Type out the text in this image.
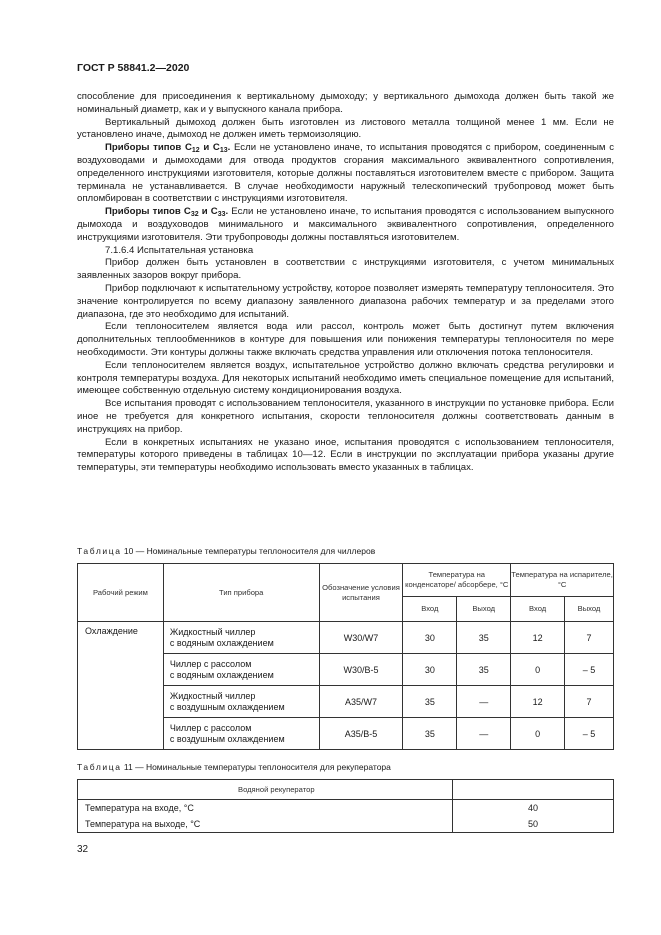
ГОСТ Р 58841.2—2020

способление для присоединения к вертикальному дымоходу; у вертикального дымохода должен быть такой же номинальный диаметр, как и у выпускного канала прибора.

Вертикальный дымоход должен быть изготовлен из листового металла толщиной менее 1 мм. Если не установлено иначе, дымоход не должен иметь термоизоляцию.

Приборы типов $С_{12}$ и $С_{13}$. Если не установлено иначе, то испытания проводятся с прибором, соединенным с воздуховодами и дымоходами для отвода продуктов сгорания максимального эквивалентного сопротивления, определенного инструкциями изготовителя, которые должны поставляться изготовителем вместе с прибором. Защита терминала не устанавливается. В случае необходимости наружный телескопический трубопровод может быть опломбирован в соответствии с инструкциями изготовителя.

Приборы типов $С_{32}$ и $С_{33}$. Если не установлено иначе, то испытания проводятся с использованием выпускного дымохода и воздуховодов минимального и максимального эквивалентного сопротивления, определенного инструкциями изготовителя. Эти трубопроводы должны поставляться изготовителем.

7.1.6.4 Испытательная установка

Прибор должен быть установлен в соответствии с инструкциями изготовителя, с учетом минимальных заявленных зазоров вокруг прибора.

Прибор подключают к испытательному устройству, которое позволяет измерять температуру теплоносителя. Это значение контролируется по всему диапазону заявленного диапазона рабочих температур и за пределами этого диапазона, где это необходимо для испытаний.

Если теплоносителем является вода или рассол, контроль может быть достигнут путем включения дополнительных теплообменников в контуре для повышения или понижения температуры теплоносителя по мере необходимости. Эти контуры должны также включать средства управления или отключения потока теплоносителя.

Если теплоносителем является воздух, испытательное устройство должно включать средства регулировки и контроля температуры воздуха. Для некоторых испытаний необходимо иметь специальное помещение для испытаний, имеющее собственную отдельную систему кондиционирования воздуха.

Все испытания проводят с использованием теплоносителя, указанного в инструкции по установке прибора. Если иное не требуется для конкретного испытания, скорости теплоносителя должны соответствовать данным в инструкциях на прибор.

Если в конкретных испытаниях не указано иное, испытания проводятся с использованием теплоносителя, температуры которого приведены в таблицах 10—12. Если в инструкции по эксплуатации прибора указаны другие температуры, эти температуры необходимо использовать вместо указанных в таблицах.

Таблица 10 — Номинальные температуры теплоносителя для чиллеров
Рабочий режим	Тип прибора	Обозначение условия испытания	Температура на конденсаторе/ абсорбере, °С		Температура на испарителе, °С	
			Вход	Выход	Вход	Выход
Охлаждение	Жидкостный чиллер
с водяным охлаждением	W30/W7	30	35	12	7
	Чиллер с рассолом
с водяным охлаждением	W30/B-5	30	35	0	– 5
	Жидкостный чиллер
с воздушным охлаждением	A35/W7	35	—	12	7
	Чиллер с рассолом
с воздушным охлаждением	A35/B-5	35	—	0	– 5
Таблица 11 — Номинальные температуры теплоносителя для рекуператора
Водяной рекуператор	
Температура на входе, °С	40
Температура на выходе, °С	50
32
